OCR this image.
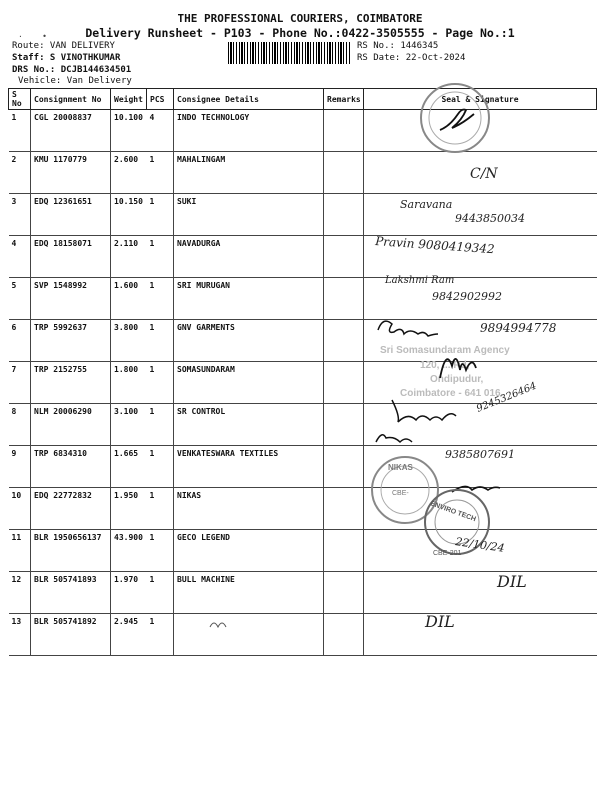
THE PROFESSIONAL COURIERS, COIMBATORE
Delivery Runsheet - P103 - Phone No.:0422-3505555 - Page No.:1
·    •
Route: VAN DELIVERY
Staff: S VINOTHKUMAR
DRS No.: DCJB144634501
Vehicle: Van Delivery
RS No.: 1446345
RS Date: 22-Oct-2024
S No	Consignment No	Weight	PCS	Consignee Details	Remarks	Seal & Signature
1	CGL 20008837	10.100	4	INDO TECHNOLOGY		
2	KMU 1170779	2.600	1	MAHALINGAM		
3	EDQ 12361651	10.150	1	SUKI		
4	EDQ 18158071	2.110	1	NAVADURGA		
5	SVP 1548992	1.600	1	SRI MURUGAN		
6	TRP 5992637	3.800	1	GNV GARMENTS		
7	TRP 2152755	1.800	1	SOMASUNDARAM		
8	NLM 20006290	3.100	1	SR CONTROL		
9	TRP 6834310	1.665	1	VENKATESWARA TEXTILES		
10	EDQ 22772832	1.950	1	NIKAS		
11	BLR 1950656137	43.900	1	GECO LEGEND		
12	BLR 505741893	1.970	1	BULL MACHINE		
13	BLR 505741892	2.945	1			
Sri Somasundaram Agency
120, ... Rd,
Ondipudur,
Coimbatore - 641 016.
C/N
Saravana
9443850034
Pravin 9080419342
Lakshmi Ram
9842902992
9894994778
9245326464
9385807691
NIKAS
CBE-
ENVIRO TECH
CBE-201
22/10/24
DIL
DIL
